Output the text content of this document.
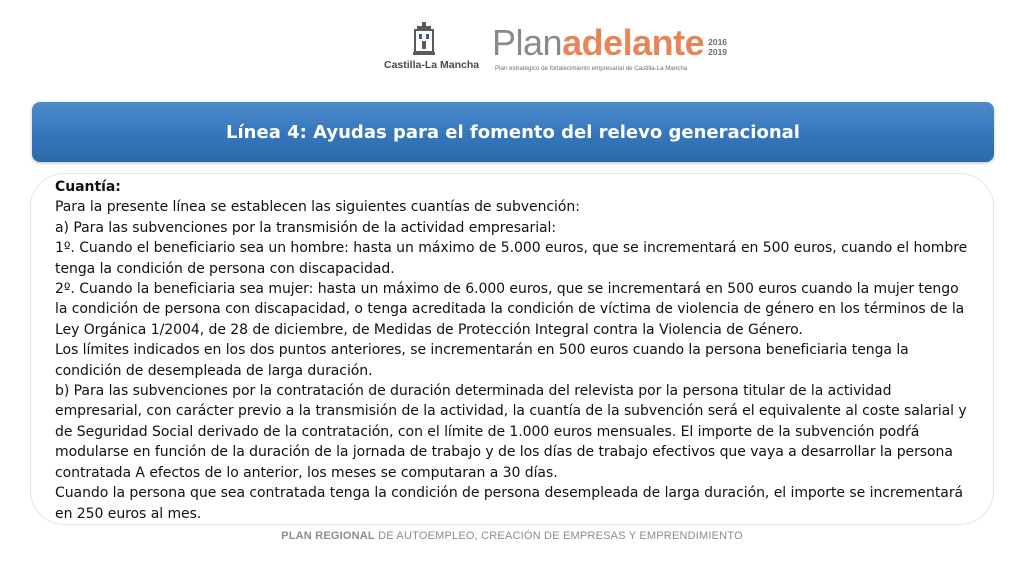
Castilla-La Mancha
Plan adelante 2016
2019
Plan estratégico de fortalecimiento empresarial de Castilla-La Mancha
Línea 4: Ayudas para el fomento del relevo generacional

Cuantía:

Para la presente línea se establecen las siguientes cuantías de subvención:

a) Para las subvenciones por la transmisión de la actividad empresarial:

1º. Cuando el beneficiario sea un hombre: hasta un máximo de 5.000 euros, que se incrementará en 500 euros, cuando el hombre tenga la condición de persona con discapacidad.

2º. Cuando la beneficiaria sea mujer: hasta un máximo de 6.000 euros, que se incrementará en 500 euros cuando la mujer tengo la condición de persona con discapacidad, o tenga acreditada la condición de víctima de violencia de género en los términos de la Ley Orgánica 1/2004, de 28 de diciembre, de Medidas de Protección Integral contra la Violencia de Género.

Los límites indicados en los dos puntos anteriores, se incrementarán en 500 euros cuando la persona beneficiaria tenga la condición de desempleada de larga duración.

b) Para las subvenciones por la contratación de duración determinada del relevista por la persona titular de la actividad empresarial, con carácter previo a la transmisión de la actividad, la cuantía de la subvención será el equivalente al coste salarial y de Seguridad Social derivado de la contratación, con el límite de 1.000 euros mensuales. El importe de la subvención podŕá modularse en función de la duración de la jornada de trabajo y de los días de trabajo efectivos que vaya a desarrollar la persona contratada A efectos de lo anterior, los meses se computaran a 30 días.

Cuando la persona que sea contratada tenga la condición de persona desempleada de larga duración, el importe se incrementará en 250 euros al mes.

PLAN REGIONAL DE AUTOEMPLEO, CREACIÓN DE EMPRESAS Y EMPRENDIMIENTO
